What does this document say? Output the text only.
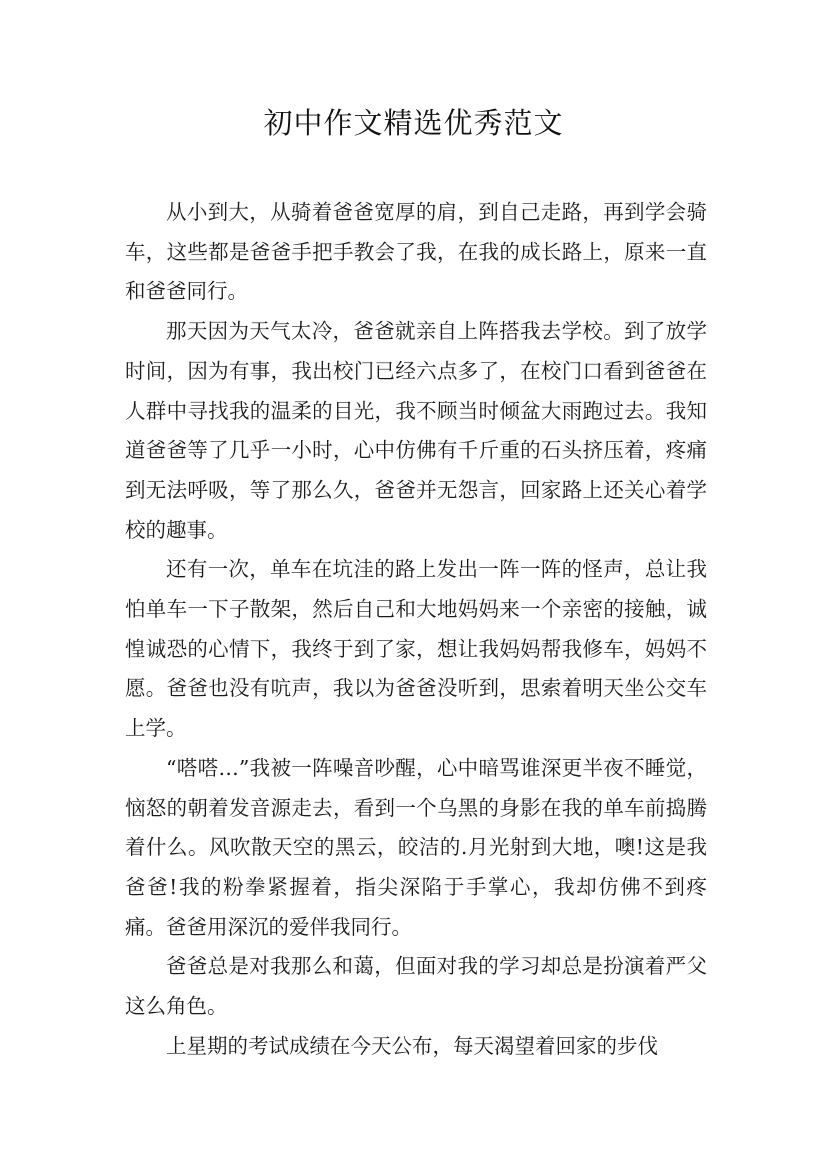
初中作文精选优秀范文

从小到大，从骑着爸爸宽厚的肩，到自己走路，再到学会骑车，这些都是爸爸手把手教会了我，在我的成长路上，原来一直和爸爸同行。

那天因为天气太冷，爸爸就亲自上阵搭我去学校。到了放学时间，因为有事，我出校门已经六点多了，在校门口看到爸爸在人群中寻找我的温柔的目光，我不顾当时倾盆大雨跑过去。我知道爸爸等了几乎一小时，心中仿佛有千斤重的石头挤压着，疼痛到无法呼吸，等了那么久，爸爸并无怨言，回家路上还关心着学校的趣事。

还有一次，单车在坑洼的路上发出一阵一阵的怪声，总让我怕单车一下子散架，然后自己和大地妈妈来一个亲密的接触，诚惶诚恐的心情下，我终于到了家，想让我妈妈帮我修车，妈妈不愿。爸爸也没有吭声，我以为爸爸没听到，思索着明天坐公交车上学。

“嗒嗒…”我被一阵噪音吵醒，心中暗骂谁深更半夜不睡觉，恼怒的朝着发音源走去，看到一个乌黑的身影在我的单车前捣腾着什么。风吹散天空的黑云，皎洁的.月光射到大地，噢!这是我爸爸!我的粉拳紧握着，指尖深陷于手掌心，我却仿佛不到疼痛。爸爸用深沉的爱伴我同行。

爸爸总是对我那么和蔼，但面对我的学习却总是扮演着严父这么角色。

上星期的考试成绩在今天公布，每天渴望着回家的步伐
